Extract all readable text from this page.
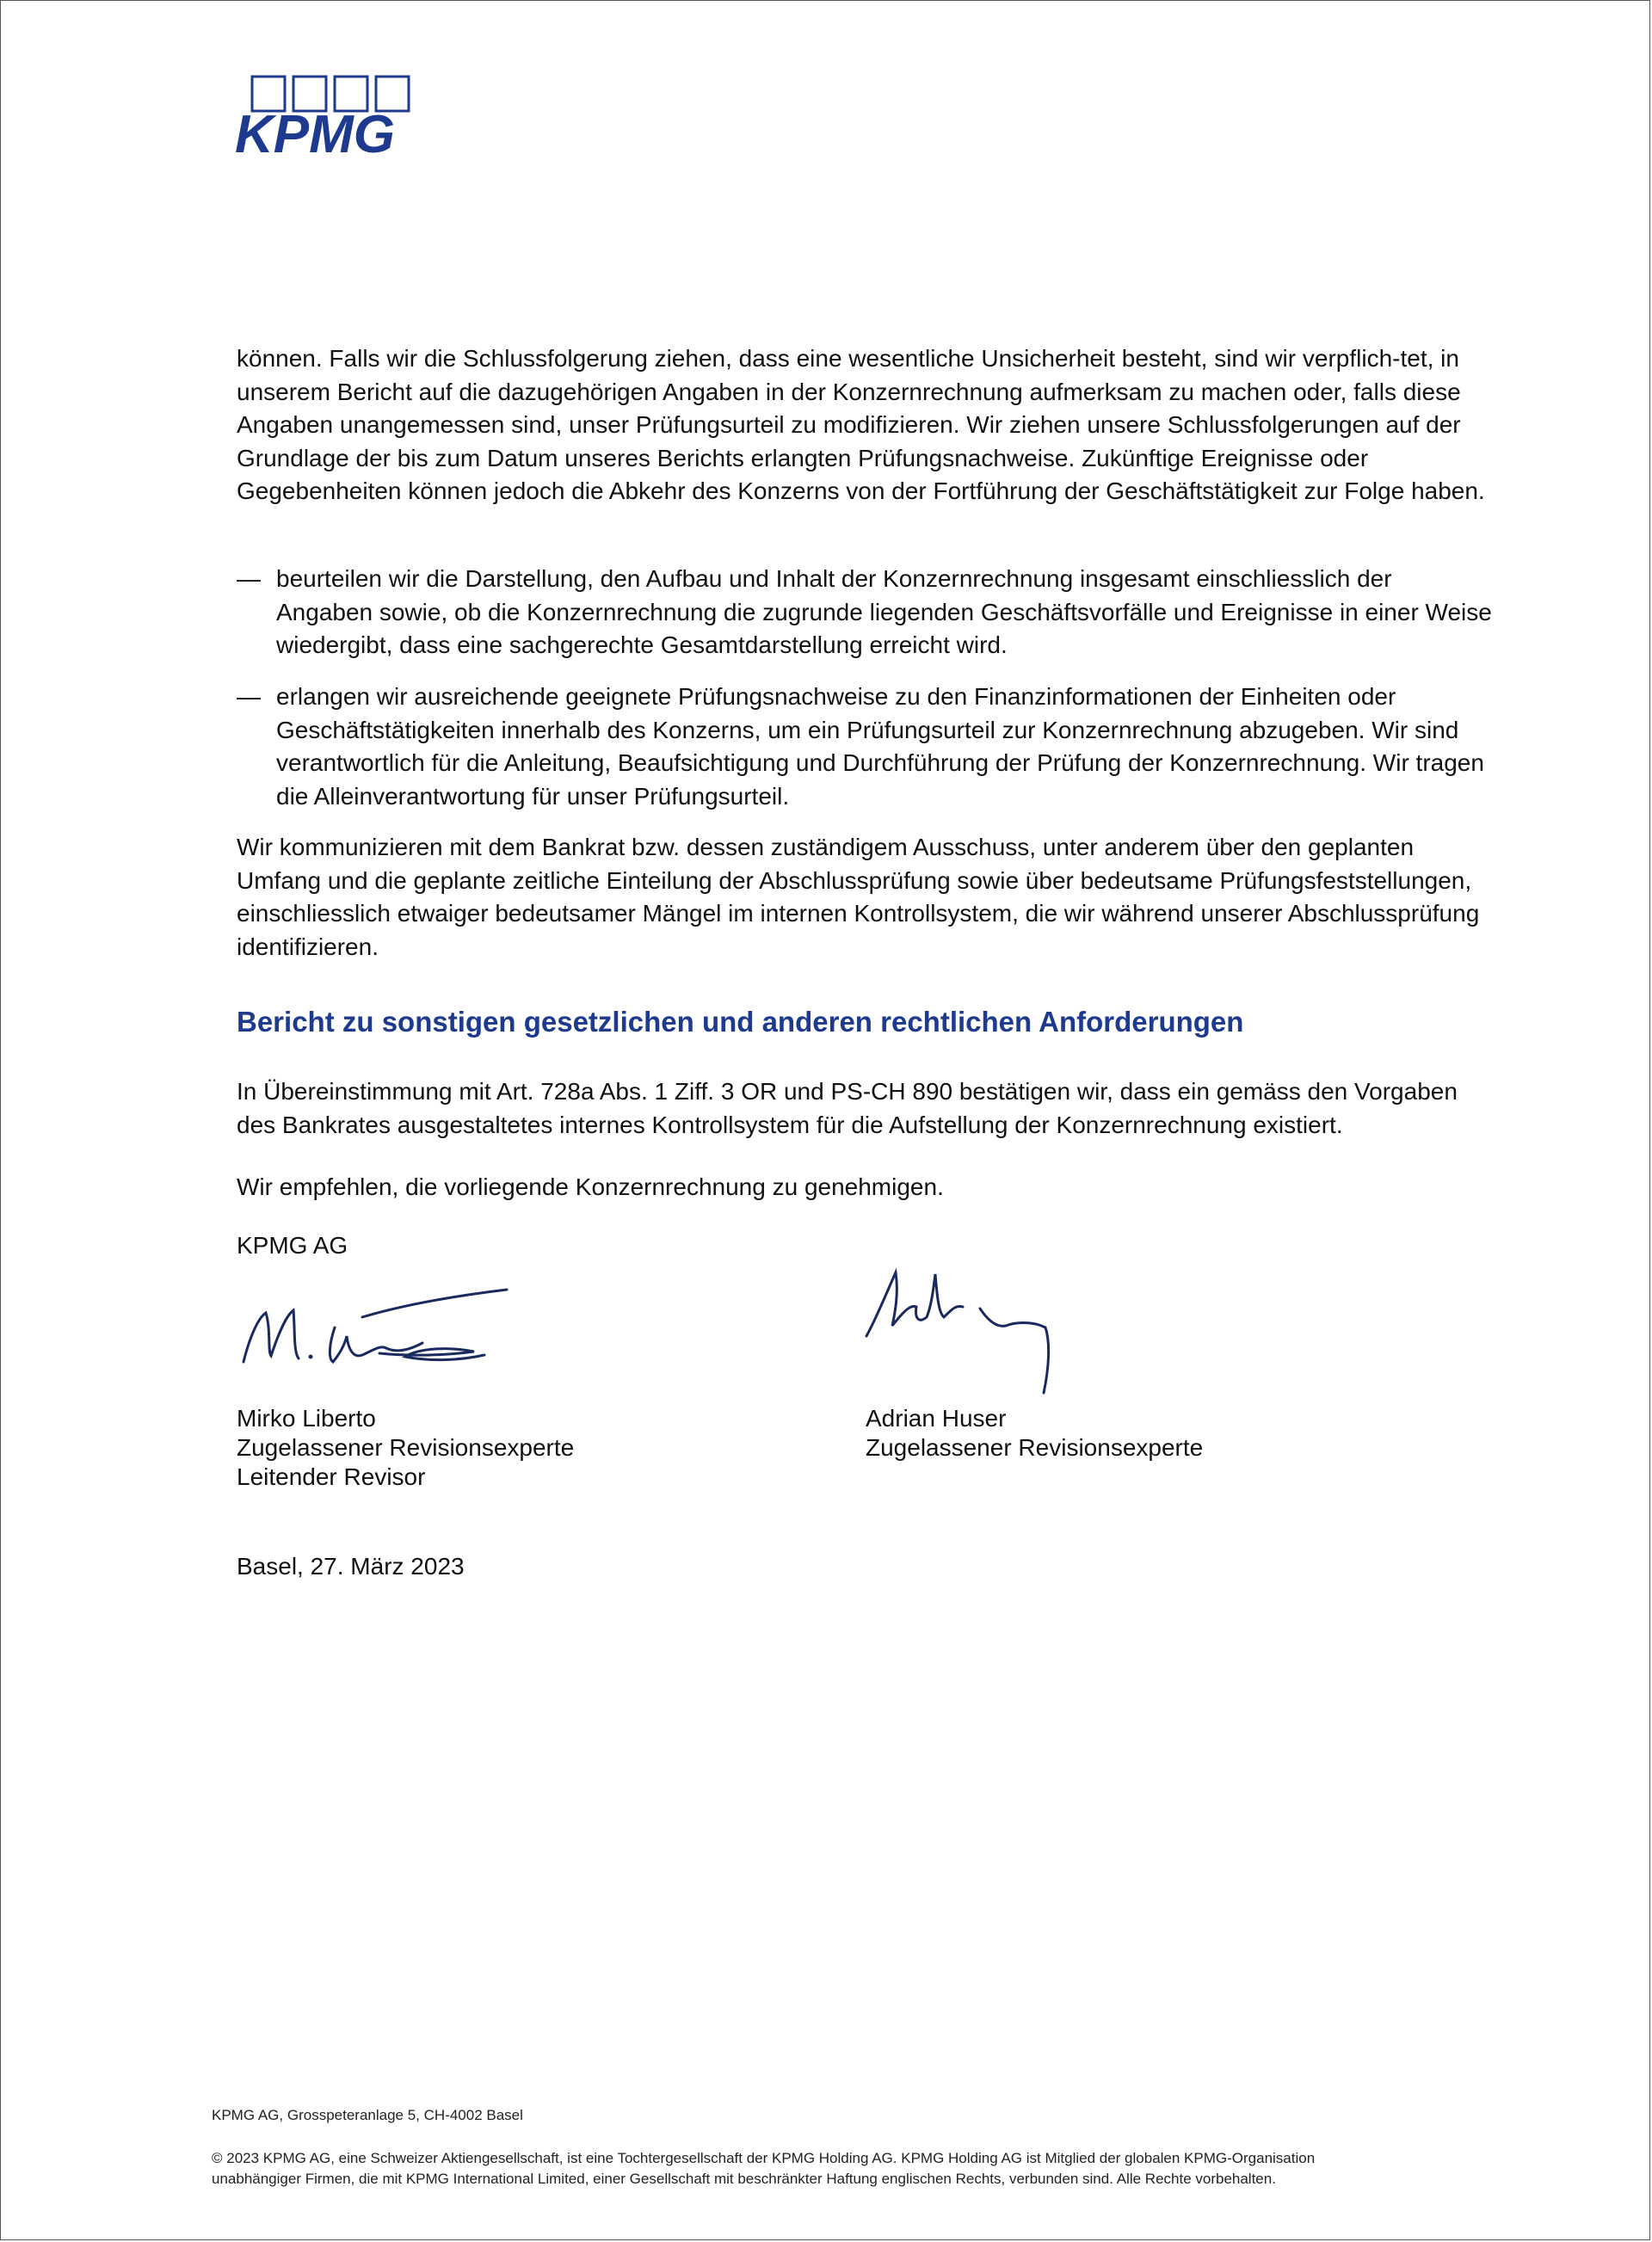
KPMG

können. Falls wir die Schlussfolgerung ziehen, dass eine wesentliche Unsicherheit besteht, sind wir verpflich-tet, in unserem Bericht auf die dazugehörigen Angaben in der Konzernrechnung aufmerksam zu machen oder, falls diese Angaben unangemessen sind, unser Prüfungsurteil zu modifizieren. Wir ziehen unsere Schlussfolgerungen auf der Grundlage der bis zum Datum unseres Berichts erlangten Prüfungsnachweise. Zukünftige Ereignisse oder Gegebenheiten können jedoch die Abkehr des Konzerns von der Fortführung der Geschäftstätigkeit zur Folge haben.

— beurteilen wir die Darstellung, den Aufbau und Inhalt der Konzernrechnung insgesamt einschliesslich der Angaben sowie, ob die Konzernrechnung die zugrunde liegenden Geschäftsvorfälle und Ereignisse in einer Weise wiedergibt, dass eine sachgerechte Gesamtdarstellung erreicht wird.
— erlangen wir ausreichende geeignete Prüfungsnachweise zu den Finanzinformationen der Einheiten oder Geschäftstätigkeiten innerhalb des Konzerns, um ein Prüfungsurteil zur Konzernrechnung abzugeben. Wir sind verantwortlich für die Anleitung, Beaufsichtigung und Durchführung der Prüfung der Konzernrechnung. Wir tragen die Alleinverantwortung für unser Prüfungsurteil.

Wir kommunizieren mit dem Bankrat bzw. dessen zuständigem Ausschuss, unter anderem über den geplanten Umfang und die geplante zeitliche Einteilung der Abschlussprüfung sowie über bedeutsame Prüfungsfeststellungen, einschliesslich etwaiger bedeutsamer Mängel im internen Kontrollsystem, die wir während unserer Abschlussprüfung identifizieren.

Bericht zu sonstigen gesetzlichen und anderen rechtlichen Anforderungen

In Übereinstimmung mit Art. 728a Abs. 1 Ziff. 3 OR und PS-CH 890 bestätigen wir, dass ein gemäss den Vorgaben des Bankrates ausgestaltetes internes Kontrollsystem für die Aufstellung der Konzernrechnung existiert.

Wir empfehlen, die vorliegende Konzernrechnung zu genehmigen.

KPMG AG

Mirko Liberto
Zugelassener Revisionsexperte
Leitender Revisor
Adrian Huser
Zugelassener Revisionsexperte

Basel, 27. März 2023

KPMG AG, Grosspeteranlage 5, CH-4002 Basel
© 2023 KPMG AG, eine Schweizer Aktiengesellschaft, ist eine Tochtergesellschaft der KPMG Holding AG. KPMG Holding AG ist Mitglied der globalen KPMG-Organisation unabhängiger Firmen, die mit KPMG International Limited, einer Gesellschaft mit beschränkter Haftung englischen Rechts, verbunden sind. Alle Rechte vorbehalten.
